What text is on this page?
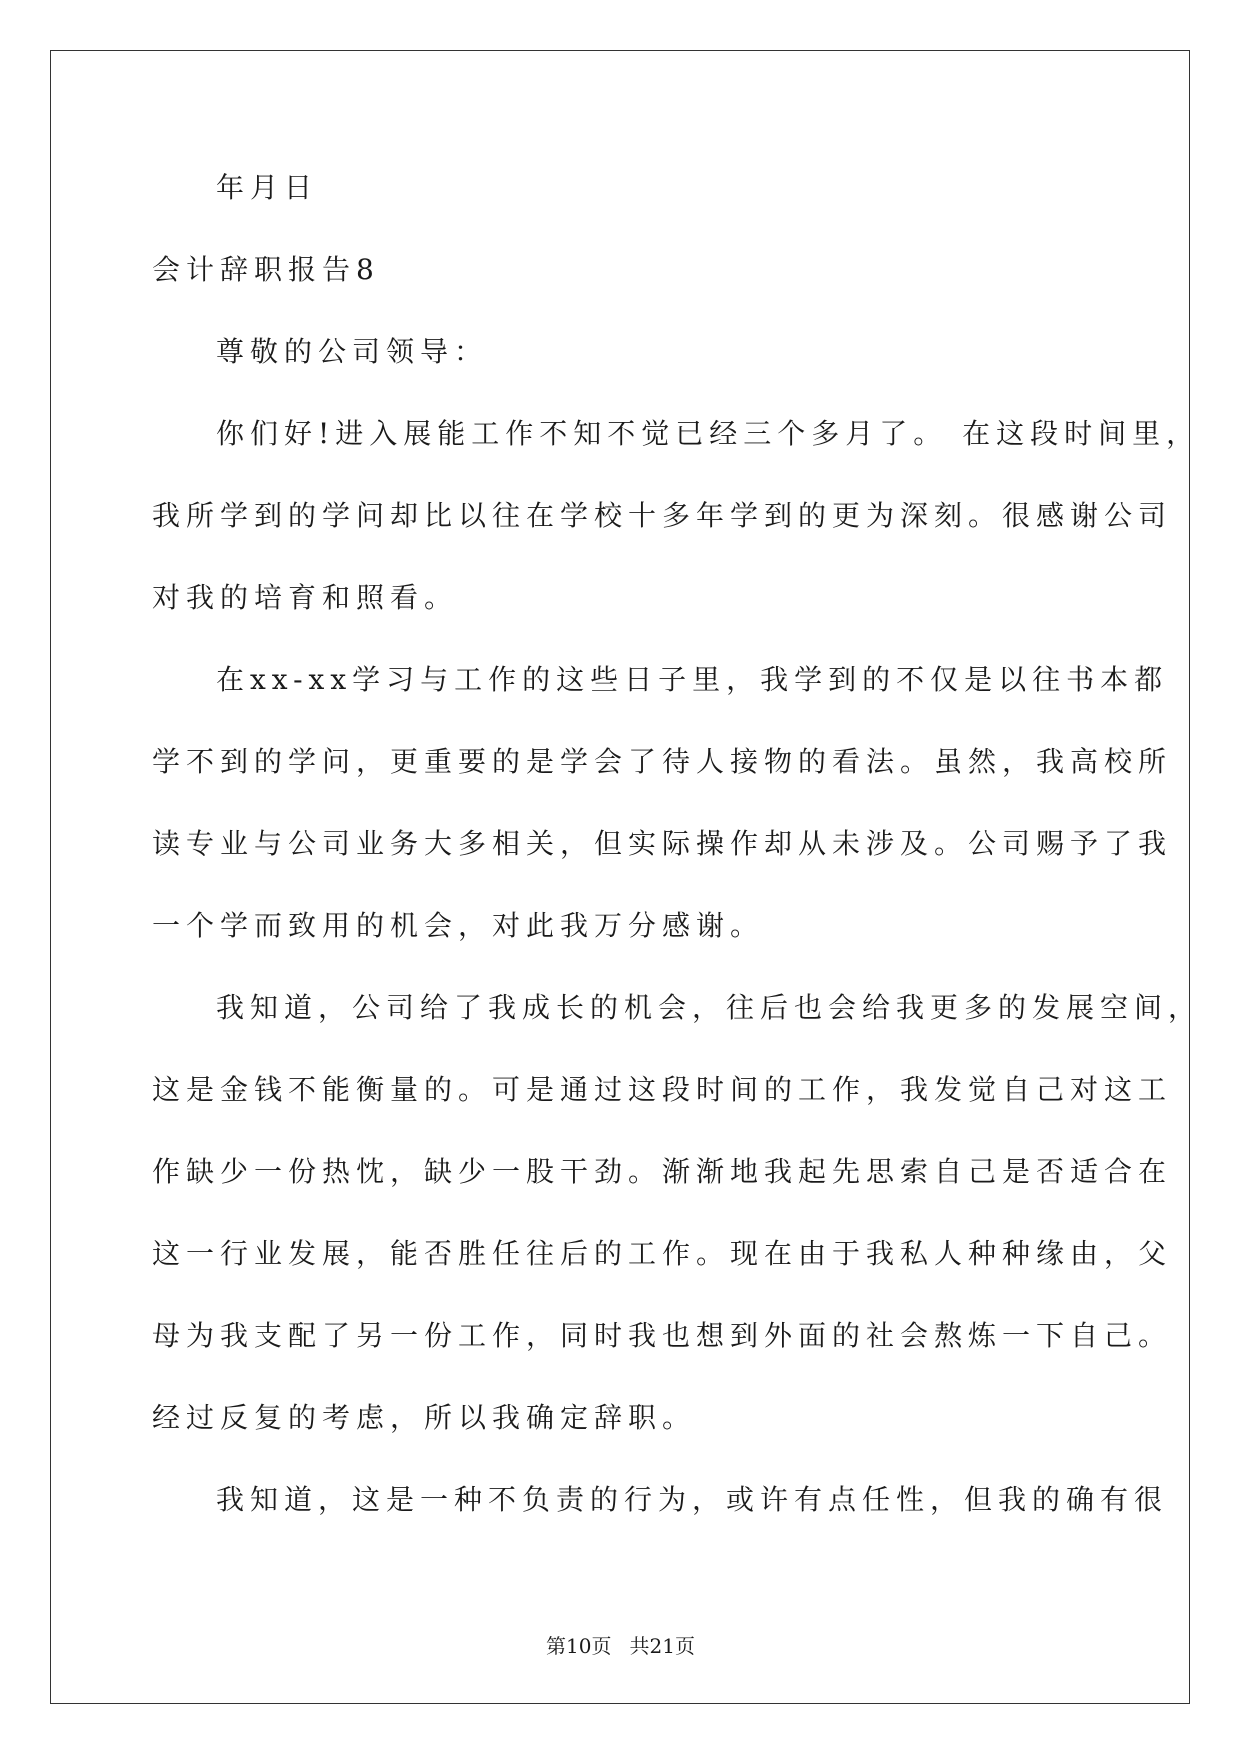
年月日
会计辞职报告8
尊敬的公司领导：
你们好!进入展能工作不知不觉已经三个多月了。 在这段时间里，
我所学到的学问却比以往在学校十多年学到的更为深刻。很感谢公司
对我的培育和照看。
在xx-xx学习与工作的这些日子里，我学到的不仅是以往书本都
学不到的学问，更重要的是学会了待人接物的看法。虽然，我高校所
读专业与公司业务大多相关，但实际操作却从未涉及。公司赐予了我
一个学而致用的机会，对此我万分感谢。
我知道，公司给了我成长的机会，往后也会给我更多的发展空间，
这是金钱不能衡量的。可是通过这段时间的工作，我发觉自己对这工
作缺少一份热忱，缺少一股干劲。渐渐地我起先思索自己是否适合在
这一行业发展，能否胜任往后的工作。现在由于我私人种种缘由，父
母为我支配了另一份工作，同时我也想到外面的社会熬炼一下自己。
经过反复的考虑，所以我确定辞职。
我知道，这是一种不负责的行为，或许有点任性，但我的确有很
第10页 共21页
